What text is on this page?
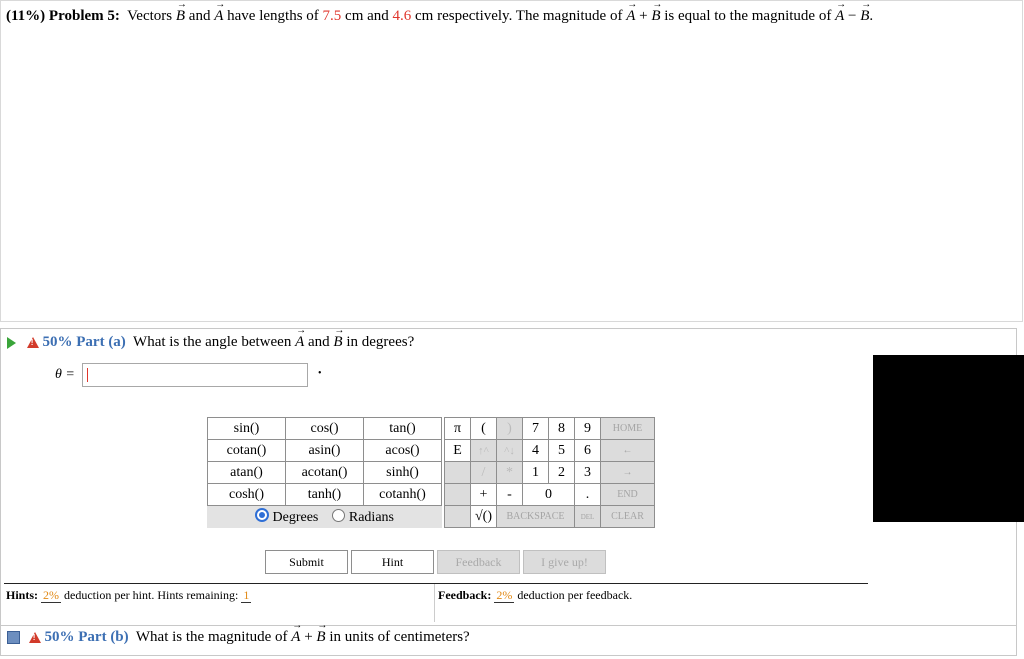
(11%) Problem 5: Vectors → B and → A have lengths of 7.5 cm and 4.6 cm respectively. The magnitude of → A + → B is equal to the magnitude of → A − → B.
! 50% Part (a) What is the angle between → A and → B in degrees?
θ =	•
sin()	cos()	tan()
cotan()	asin()	acos()
atan()	acotan()	sinh()
cosh()	tanh()	cotanh()
Degrees Radians
π	(	)	7	8	9	HOME
E	↑^	^↓	4	5	6	←
	/	*	1	2	3	→
	+	-	0		.	END
	√()	BACKSPACE			DEL	CLEAR
Submit	Hint	Feedback	I give up!
Hints: 2% deduction per hint. Hints remaining: 1	Feedback: 2% deduction per feedback.
! 50% Part (b) What is the magnitude of → A + → B in units of centimeters?
